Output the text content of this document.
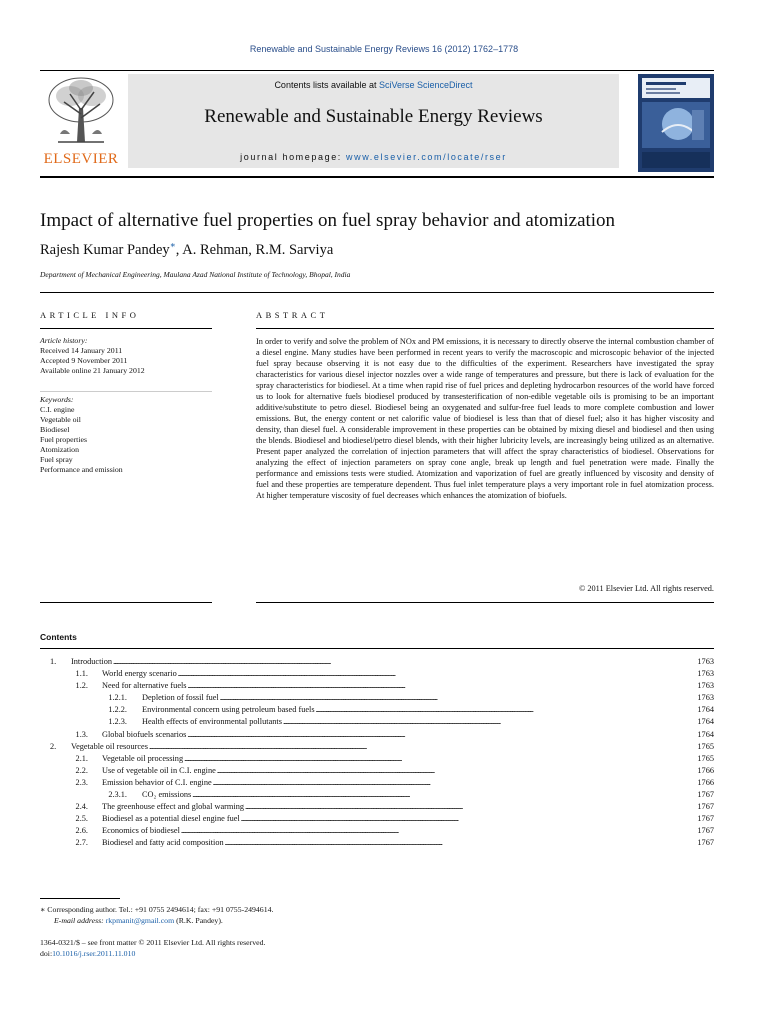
Renewable and Sustainable Energy Reviews 16 (2012) 1762–1778
ELSEVIER
Contents lists available at SciVerse ScienceDirect
Renewable and Sustainable Energy Reviews
journal homepage: www.elsevier.com/locate/rser
Impact of alternative fuel properties on fuel spray behavior and atomization
Rajesh Kumar Pandey∗, A. Rehman, R.M. Sarviya
Department of Mechanical Engineering, Maulana Azad National Institute of Technology, Bhopal, India
ARTICLE INFO	ABSTRACT
Article history:
Received 14 January 2011
Accepted 9 November 2011
Available online 21 January 2012
Keywords:
C.I. engine
Vegetable oil
Biodiesel
Fuel properties
Atomization
Fuel spray
Performance and emission
In order to verify and solve the problem of NOx and PM emissions, it is necessary to directly observe the internal combustion chamber of a diesel engine. Many studies have been performed in recent years to verify the macroscopic and microscopic behavior of the injected fuel spray because observing it is not easy due to the difficulties of the experiment. Researchers have investigated the spray characteristics for various diesel injector nozzles over a wide range of temperatures and pressure, but there is lack of evaluation for the spray characteristics for biodiesel. At a time when rapid rise of fuel prices and depleting hydrocarbon resources of the world have forced us to look for alternative fuels biodiesel produced by transesterification of non-edible vegetable oils is promising to be an important additive/substitute to petro diesel. Biodiesel being an oxygenated and sulfur-free fuel leads to more complete combustion and lower emissions. But, the energy content or net calorific value of biodiesel is less than that of diesel fuel; also it has higher viscosity and density, than diesel fuel. A considerable improvement in these properties can be obtained by mixing diesel and biodiesel and then using the blends. Biodiesel and biodiesel/petro diesel blends, with their higher lubricity levels, are increasingly being utilized as an alternative. Present paper analyzed the correlation of injection parameters that will affect the spray characteristics of biodiesel. Observations for analyzing the effect of injection parameters on spray cone angle, break up length and fuel penetration were made. Finally the performance and emissions tests were studied. Atomization and vaporization of fuel are greatly influenced by viscosity and density of fuel and these properties are temperature dependent. Thus fuel inlet temperature plays a very important role in fuel atomization process. At higher temperature viscosity of fuel decreases which enhances the atomization of biofuels.
© 2011 Elsevier Ltd. All rights reserved.
Contents
1.	Introduction . . .	1763
1.1. World energy scenario . . .	1763
1.2. Need for alternative fuels . . .	1763
1.2.1. Depletion of fossil fuel . . .	1763
1.2.2. Environmental concern using petroleum based fuels . . .	1764
1.2.3. Health effects of environmental pollutants . . .	1764
1.3. Global biofuels scenarios . . .	1764
2.	Vegetable oil resources . . .	1765
2.1. Vegetable oil processing . . .	1765
2.2. Use of vegetable oil in C.I. engine . . .	1766
2.3. Emission behavior of C.I. engine . . .	1766
2.3.1. CO₂ emissions . . .	1767
2.4. The greenhouse effect and global warming . . .	1767
2.5. Biodiesel as a potential diesel engine fuel . . .	1767
2.6. Economics of biodiesel . . .	1767
2.7. Biodiesel and fatty acid composition . . .	1767
∗ Corresponding author. Tel.: +91 0755 2494614; fax: +91 0755-2494614.
E-mail address: rkpmanit@gmail.com (R.K. Pandey).
1364-0321/$ – see front matter © 2011 Elsevier Ltd. All rights reserved.
doi:10.1016/j.rser.2011.11.010
